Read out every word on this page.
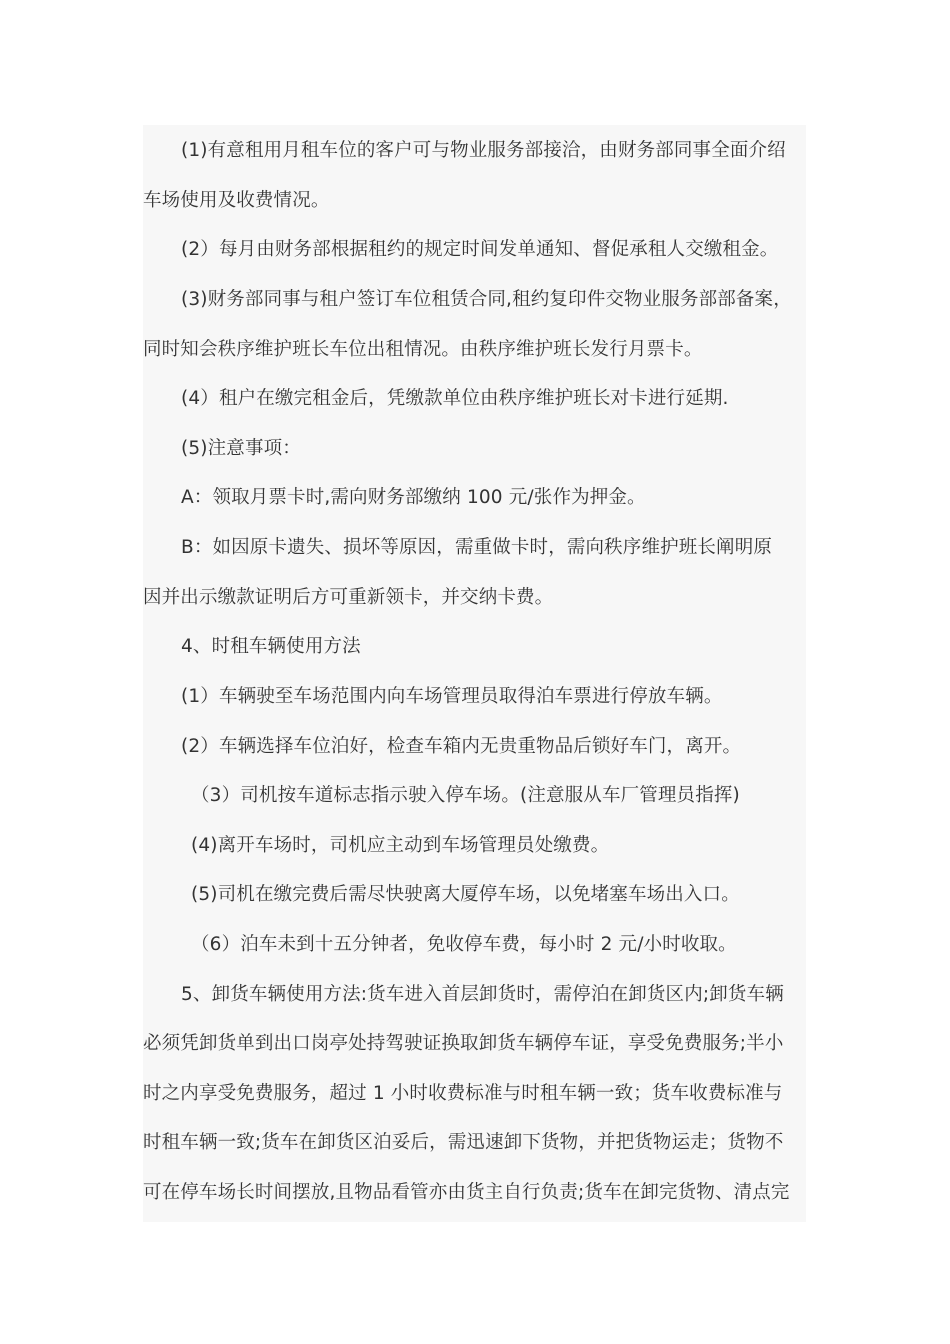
(1)有意租用月租车位的客户可与物业服务部接洽，由财务部同事全面介绍
车场使用及收费情况。
(2）每月由财务部根据租约的规定时间发单通知、督促承租人交缴租金。
(3)财务部同事与租户签订车位租赁合同,租约复印件交物业服务部部备案，
同时知会秩序维护班长车位出租情况。由秩序维护班长发行月票卡。
(4）租户在缴完租金后，凭缴款单位由秩序维护班长对卡进行延期.
(5)注意事项：
A：领取月票卡时,需向财务部缴纳 100 元/张作为押金。
B：如因原卡遗失、损坏等原因，需重做卡时，需向秩序维护班长阐明原
因并出示缴款证明后方可重新领卡，并交纳卡费。
4、时租车辆使用方法
(1）车辆驶至车场范围内向车场管理员取得泊车票进行停放车辆。
(2）车辆选择车位泊好，检查车箱内无贵重物品后锁好车门，离开。
（3）司机按车道标志指示驶入停车场。(注意服从车厂管理员指挥)
(4)离开车场时，司机应主动到车场管理员处缴费。
(5)司机在缴完费后需尽快驶离大厦停车场，以免堵塞车场出入口。
（6）泊车未到十五分钟者，免收停车费，每小时 2 元/小时收取。
5、卸货车辆使用方法:货车进入首层卸货时，需停泊在卸货区内;卸货车辆
必须凭卸货单到出口岗亭处持驾驶证换取卸货车辆停车证，享受免费服务;半小
时之内享受免费服务，超过 1 小时收费标准与时租车辆一致；货车收费标准与
时租车辆一致;货车在卸货区泊妥后，需迅速卸下货物，并把货物运走；货物不
可在停车场长时间摆放,且物品看管亦由货主自行负责;货车在卸完货物、清点完
